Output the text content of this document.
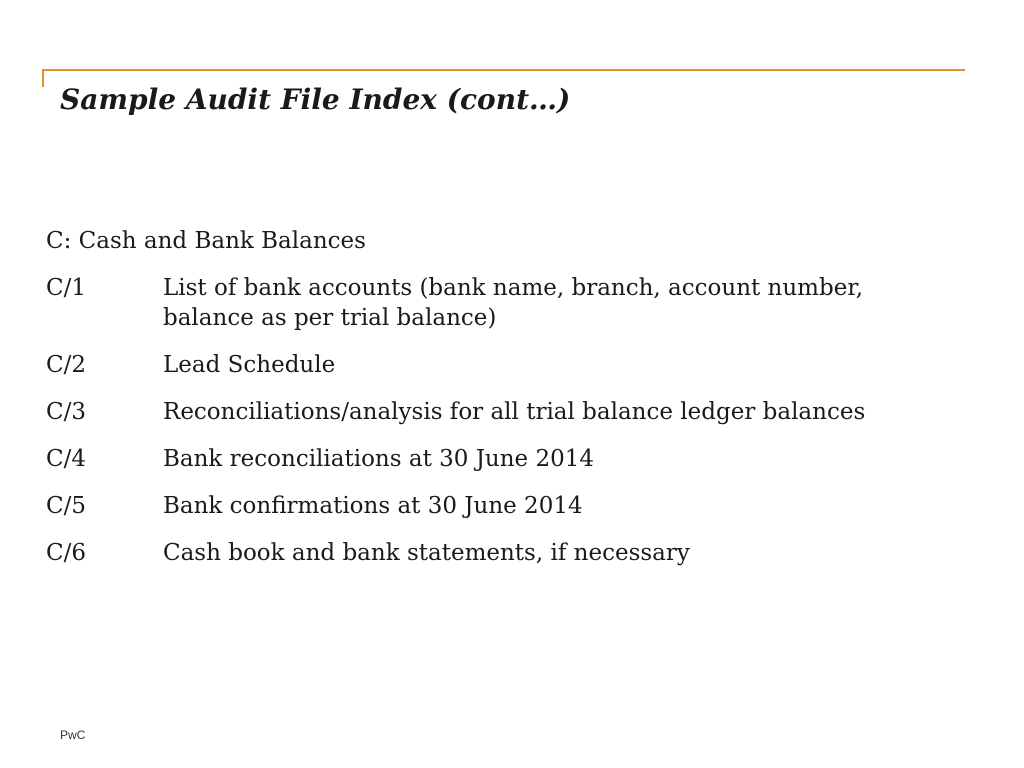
Sample Audit File Index (cont…)

C: Cash and Bank Balances

C/1	List of bank accounts (bank name, branch, account number, balance as per trial balance)
C/2	Lead Schedule
C/3	Reconciliations/analysis for all trial balance ledger balances
C/4	Bank reconciliations at 30 June 2014
C/5	Bank confirmations at 30 June 2014
C/6	Cash book and bank statements, if necessary
PwC
